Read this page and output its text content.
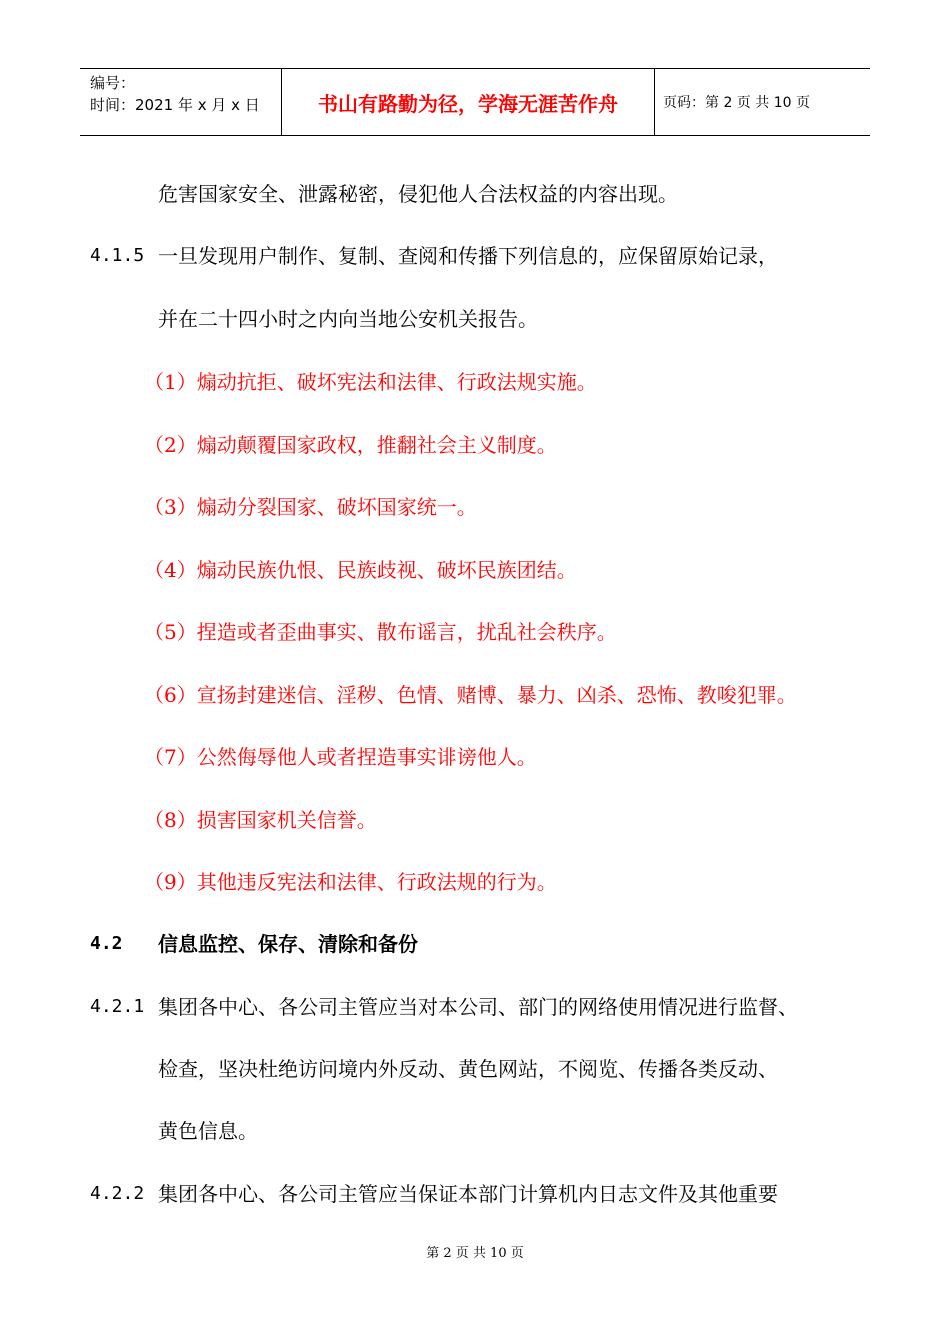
编号：
时间：2021 年 x 月 x 日	书山有路勤为径，学海无涯苦作舟	页码：第 2 页 共 10 页
危害国家安全、泄露秘密，侵犯他人合法权益的内容出现。
4.1.5 一旦发现用户制作、复制、查阅和传播下列信息的，应保留原始记录，
并在二十四小时之内向当地公安机关报告。
（1）煽动抗拒、破坏宪法和法律、行政法规实施。
（2）煽动颠覆国家政权，推翻社会主义制度。
（3）煽动分裂国家、破坏国家统一。
（4）煽动民族仇恨、民族歧视、破坏民族团结。
（5）捏造或者歪曲事实、散布谣言，扰乱社会秩序。
（6）宣扬封建迷信、淫秽、色情、赌博、暴力、凶杀、恐怖、教唆犯罪。
（7）公然侮辱他人或者捏造事实诽谤他人。
（8）损害国家机关信誉。
（9）其他违反宪法和法律、行政法规的行为。
4.2 信息监控、保存、清除和备份
4.2.1 集团各中心、各公司主管应当对本公司、部门的网络使用情况进行监督、
检查，坚决杜绝访问境内外反动、黄色网站，不阅览、传播各类反动、
黄色信息。
4.2.2 集团各中心、各公司主管应当保证本部门计算机内日志文件及其他重要
第 2 页 共 10 页
